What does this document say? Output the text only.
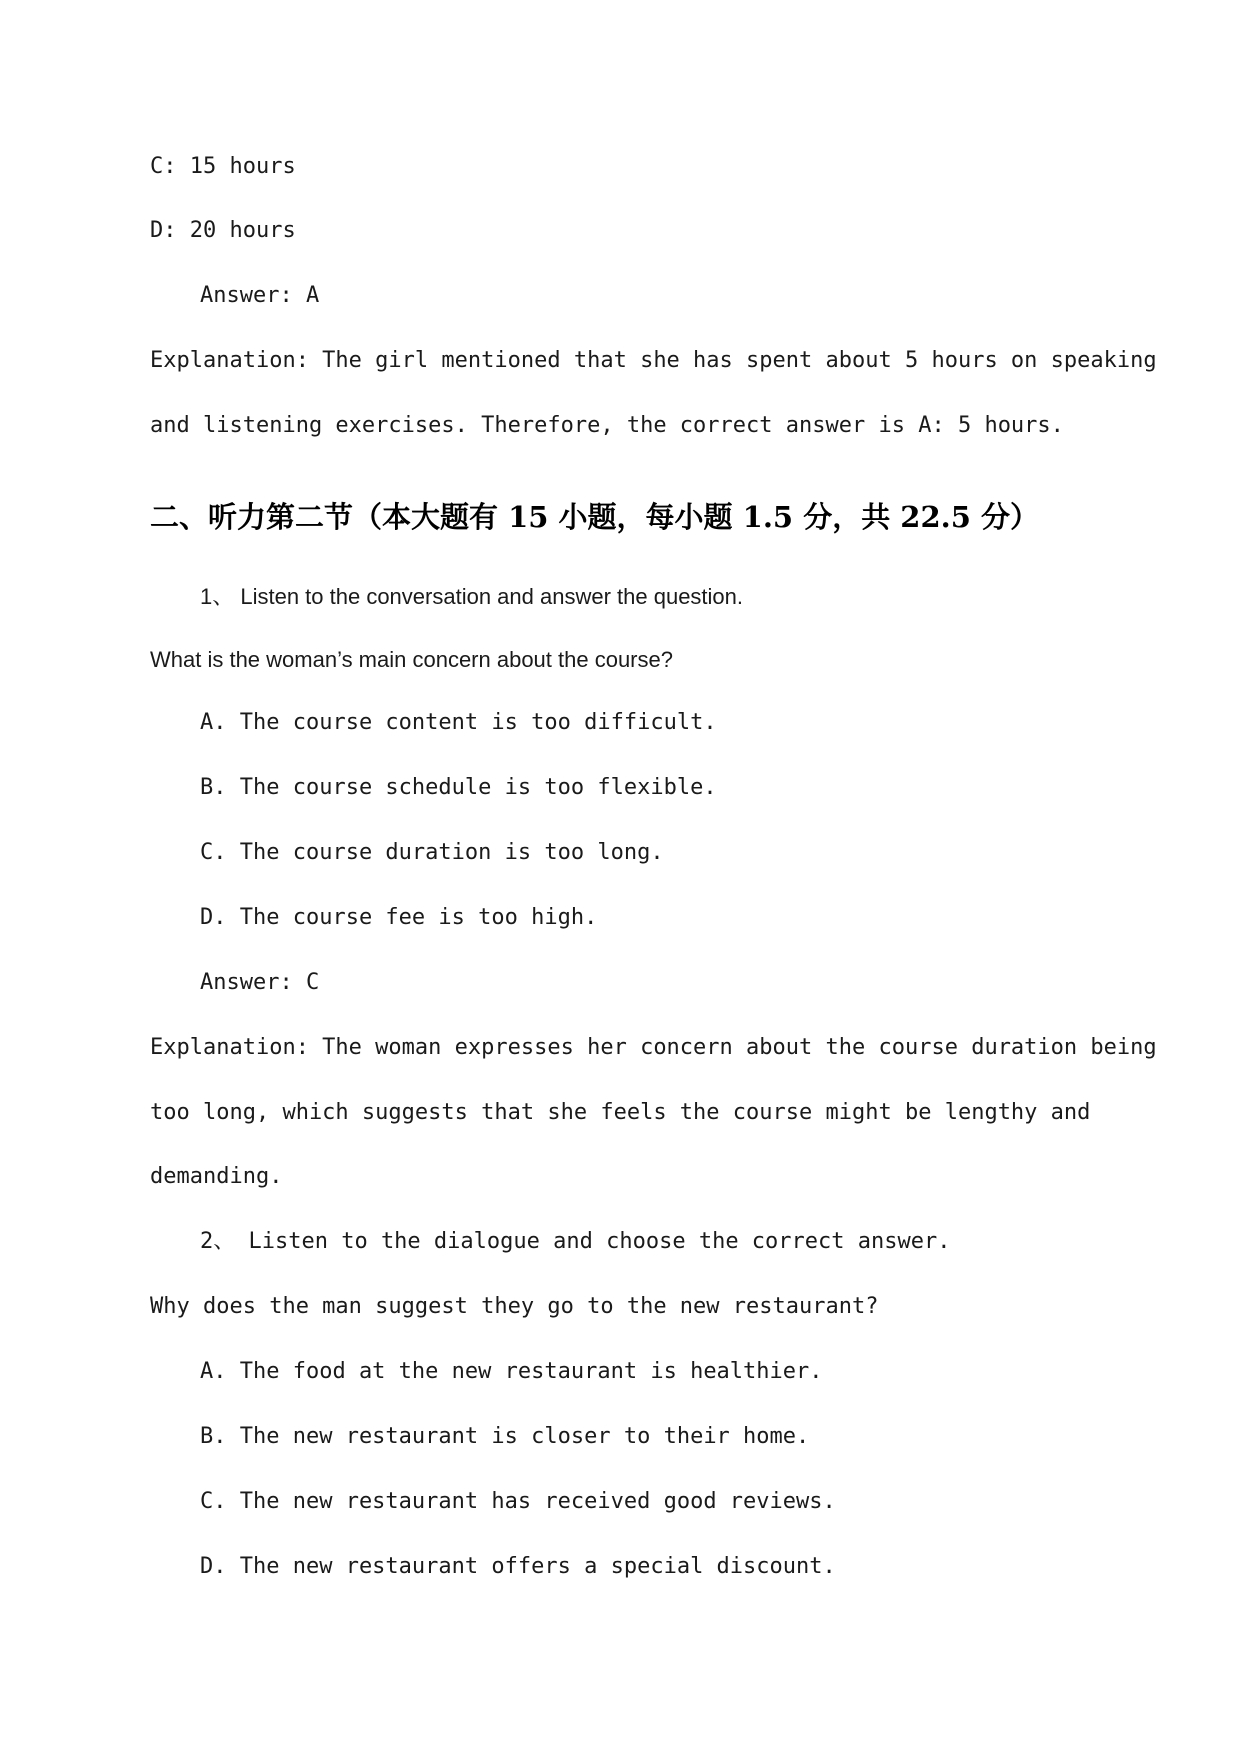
C: 15 hours
D: 20 hours
Answer: A
Explanation: The girl mentioned that she has spent about 5 hours on speaking
and listening exercises. Therefore, the correct answer is A: 5 hours.
二、听力第二节（本大题有 15 小题，每小题 1.5 分，共 22.5 分）
1、 Listen to the conversation and answer the question.
What is the woman’s main concern about the course?
A. The course content is too difficult.
B. The course schedule is too flexible.
C. The course duration is too long.
D. The course fee is too high.
Answer: C
Explanation: The woman expresses her concern about the course duration being
too long, which suggests that she feels the course might be lengthy and
demanding.
2、 Listen to the dialogue and choose the correct answer.
Why does the man suggest they go to the new restaurant?
A. The food at the new restaurant is healthier.
B. The new restaurant is closer to their home.
C. The new restaurant has received good reviews.
D. The new restaurant offers a special discount.
